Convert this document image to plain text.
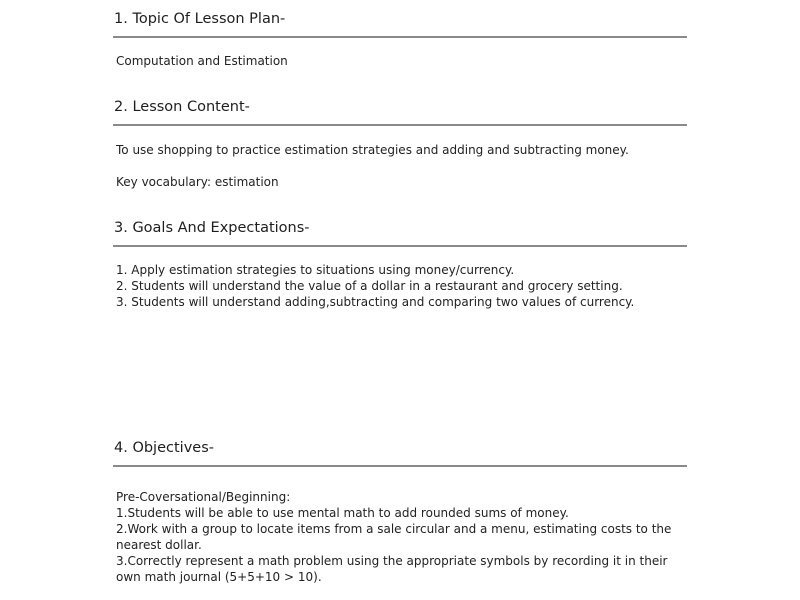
1. Topic Of Lesson Plan-
Computation and Estimation
2. Lesson Content-
To use shopping to practice estimation strategies and adding and subtracting money.
Key vocabulary: estimation
3. Goals And Expectations-
1. Apply estimation strategies to situations using money/currency.
2. Students will understand the value of a dollar in a restaurant and grocery setting.
3. Students will understand adding,subtracting and comparing two values of currency.
4. Objectives-
Pre-Coversational/Beginning:
1.Students will be able to use mental math to add rounded sums of money.
2.Work with a group to locate items from a sale circular and a menu, estimating costs to the nearest dollar.
3.Correctly represent a math problem using the appropriate symbols by recording it in their own math journal (5+5+10 > 10).
